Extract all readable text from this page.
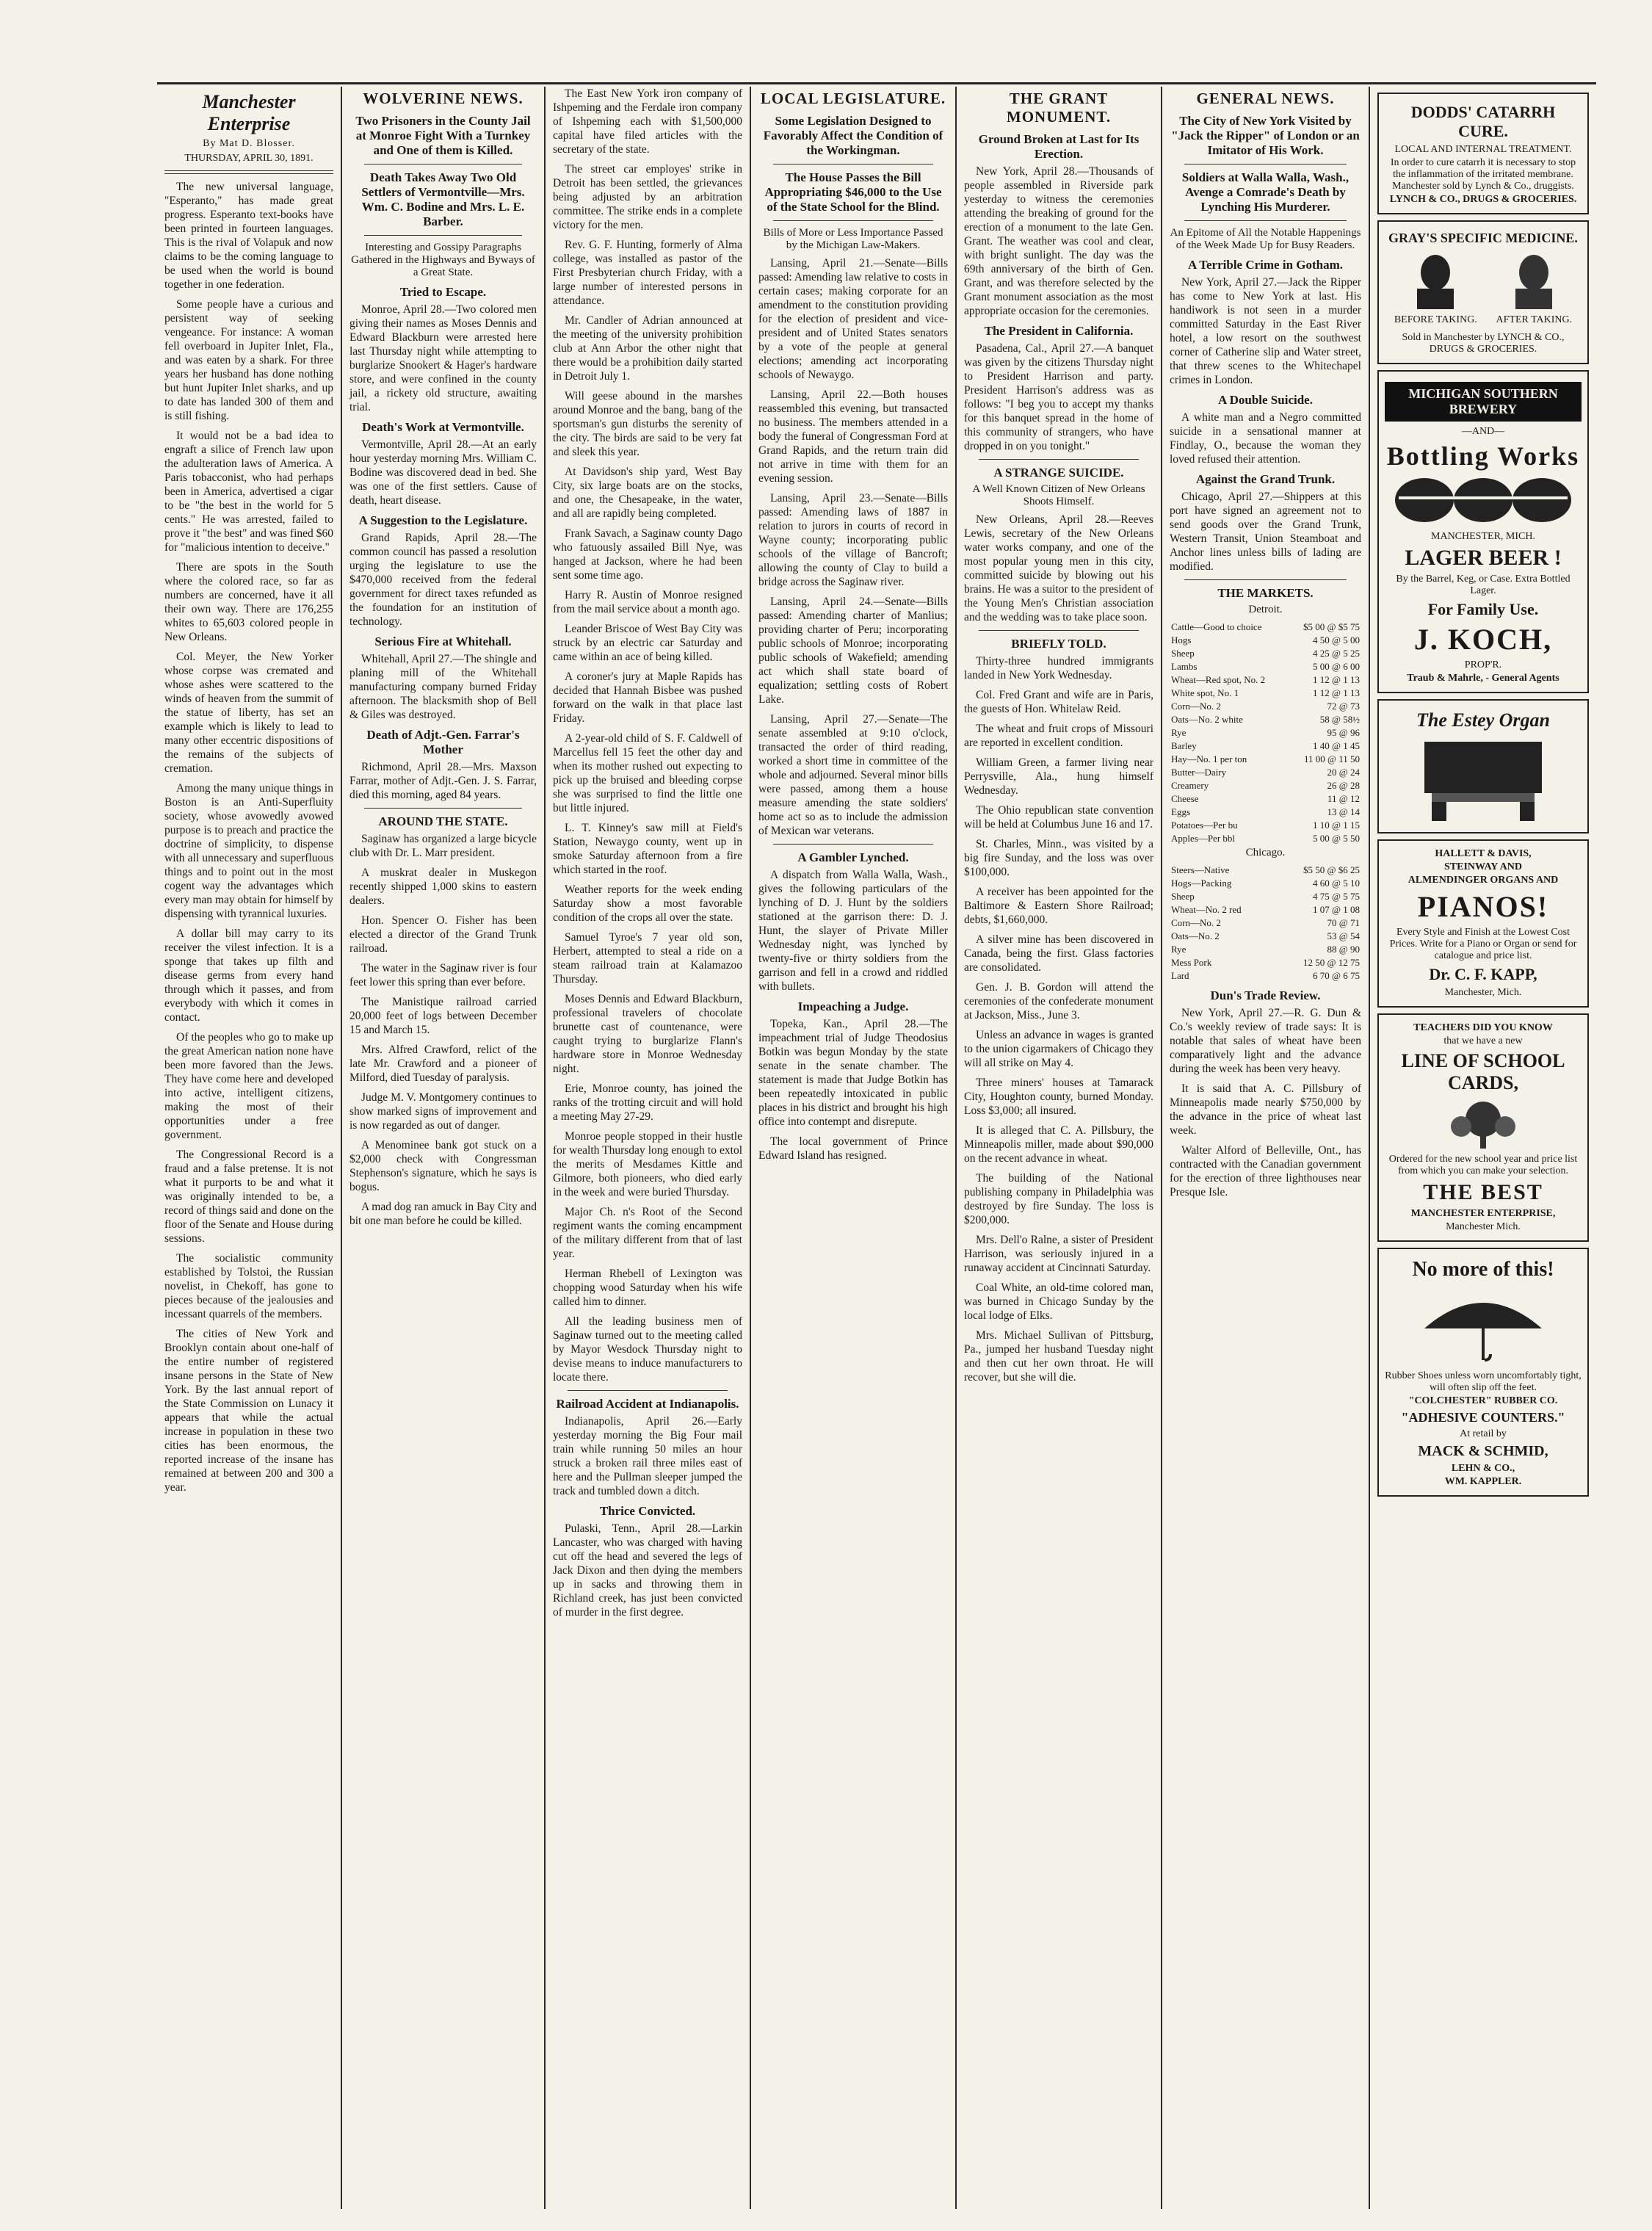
Manchester Enterprise
By Mat D. Blosser.
THURSDAY, APRIL 30, 1891.

The new universal language, "Esperanto," has made great progress. Esperanto text-books have been printed in fourteen languages. This is the rival of Volapuk and now claims to be the coming language to be used when the world is bound together in one federation.

Some people have a curious and persistent way of seeking vengeance. For instance: A woman fell overboard in Jupiter Inlet, Fla., and was eaten by a shark. For three years her husband has done nothing but hunt Jupiter Inlet sharks, and up to date has landed 300 of them and is still fishing.

It would not be a bad idea to engraft a silice of French law upon the adulteration laws of America. A Paris tobacconist, who had perhaps been in America, advertised a cigar to be "the best in the world for 5 cents." He was arrested, failed to prove it "the best" and was fined $60 for "malicious intention to deceive."

There are spots in the South where the colored race, so far as numbers are concerned, have it all their own way. There are 176,255 whites to 65,603 colored people in New Orleans.

Col. Meyer, the New Yorker whose corpse was cremated and whose ashes were scattered to the winds of heaven from the summit of the statue of liberty, has set an example which is likely to lead to many other eccentric dispositions of the remains of the subjects of cremation.

Among the many unique things in Boston is an Anti-Superfluity society, whose avowedly avowed purpose is to preach and practice the doctrine of simplicity, to dispense with all unnecessary and superfluous things and to point out in the most cogent way the advantages which every man may obtain for himself by dispensing with tyrannical luxuries.

A dollar bill may carry to its receiver the vilest infection. It is a sponge that takes up filth and disease germs from every hand through which it passes, and from everybody with which it comes in contact.

Of the peoples who go to make up the great American nation none have been more favored than the Jews. They have come here and developed into active, intelligent citizens, making the most of their opportunities under a free government.

The Congressional Record is a fraud and a false pretense. It is not what it purports to be and what it was originally intended to be, a record of things said and done on the floor of the Senate and House during sessions.

The socialistic community established by Tolstoi, the Russian novelist, in Chekoff, has gone to pieces because of the jealousies and incessant quarrels of the members.

The cities of New York and Brooklyn contain about one-half of the entire number of registered insane persons in the State of New York. By the last annual report of the State Commission on Lunacy it appears that while the actual increase in population in these two cities has been enormous, the reported increase of the insane has remained at between 200 and 300 a year.

WOLVERINE NEWS.
Two Prisoners in the County Jail at Monroe Fight With a Turnkey and One of them is Killed.
Death Takes Away Two Old Settlers of Vermontville—Mrs. Wm. C. Bodine and Mrs. L. E. Barber.
Interesting and Gossipy Paragraphs Gathered in the Highways and Byways of a Great State.
Tried to Escape.

Monroe, April 28.—Two colored men giving their names as Moses Dennis and Edward Blackburn were arrested here last Thursday night while attempting to burglarize Snookert & Hager's hardware store, and were confined in the county jail, a rickety old structure, awaiting trial.

Death's Work at Vermontville.

Vermontville, April 28.—At an early hour yesterday morning Mrs. William C. Bodine was discovered dead in bed. She was one of the first settlers. Cause of death, heart disease.

A Suggestion to the Legislature.

Grand Rapids, April 28.—The common council has passed a resolution urging the legislature to use the $470,000 received from the federal government for direct taxes refunded as the foundation for an institution of technology.

Serious Fire at Whitehall.

Whitehall, April 27.—The shingle and planing mill of the Whitehall manufacturing company burned Friday afternoon. The blacksmith shop of Bell & Giles was destroyed.

Death of Adjt.-Gen. Farrar's Mother

Richmond, April 28.—Mrs. Maxson Farrar, mother of Adjt.-Gen. J. S. Farrar, died this morning, aged 84 years.

AROUND THE STATE.

Saginaw has organized a large bicycle club with Dr. L. Marr president.

A muskrat dealer in Muskegon recently shipped 1,000 skins to eastern dealers.

Hon. Spencer O. Fisher has been elected a director of the Grand Trunk railroad.

The water in the Saginaw river is four feet lower this spring than ever before.

The Manistique railroad carried 20,000 feet of logs between December 15 and March 15.

Mrs. Alfred Crawford, relict of the late Mr. Crawford and a pioneer of Milford, died Tuesday of paralysis.

Judge M. V. Montgomery continues to show marked signs of improvement and is now regarded as out of danger.

A Menominee bank got stuck on a $2,000 check with Congressman Stephenson's signature, which he says is bogus.

A mad dog ran amuck in Bay City and bit one man before he could be killed.

The East New York iron company of Ishpeming and the Ferdale iron company of Ishpeming each with $1,500,000 capital have filed articles with the secretary of the state.

The street car employes' strike in Detroit has been settled, the grievances being adjusted by an arbitration committee. The strike ends in a complete victory for the men.

Rev. G. F. Hunting, formerly of Alma college, was installed as pastor of the First Presbyterian church Friday, with a large number of interested persons in attendance.

Mr. Candler of Adrian announced at the meeting of the university prohibition club at Ann Arbor the other night that there would be a prohibition daily started in Detroit July 1.

Will geese abound in the marshes around Monroe and the bang, bang of the sportsman's gun disturbs the serenity of the city. The birds are said to be very fat and sleek this year.

At Davidson's ship yard, West Bay City, six large boats are on the stocks, and one, the Chesapeake, in the water, and all are rapidly being completed.

Frank Savach, a Saginaw county Dago who fatuously assailed Bill Nye, was hanged at Jackson, where he had been sent some time ago.

Harry R. Austin of Monroe resigned from the mail service about a month ago.

Leander Briscoe of West Bay City was struck by an electric car Saturday and came within an ace of being killed.

A coroner's jury at Maple Rapids has decided that Hannah Bisbee was pushed forward on the walk in that place last Friday.

A 2-year-old child of S. F. Caldwell of Marcellus fell 15 feet the other day and when its mother rushed out expecting to pick up the bruised and bleeding corpse she was surprised to find the little one but little injured.

L. T. Kinney's saw mill at Field's Station, Newaygo county, went up in smoke Saturday afternoon from a fire which started in the roof.

Weather reports for the week ending Saturday show a most favorable condition of the crops all over the state.

Samuel Tyroe's 7 year old son, Herbert, attempted to steal a ride on a steam railroad train at Kalamazoo Thursday.

Moses Dennis and Edward Blackburn, professional travelers of chocolate brunette cast of countenance, were caught trying to burglarize Flann's hardware store in Monroe Wednesday night.

Erie, Monroe county, has joined the ranks of the trotting circuit and will hold a meeting May 27-29.

Monroe people stopped in their hustle for wealth Thursday long enough to extol the merits of Mesdames Kittle and Gilmore, both pioneers, who died early in the week and were buried Thursday.

Major Ch. n's Root of the Second regiment wants the coming encampment of the military different from that of last year.

Herman Rhebell of Lexington was chopping wood Saturday when his wife called him to dinner.

All the leading business men of Saginaw turned out to the meeting called by Mayor Wesdock Thursday night to devise means to induce manufacturers to locate there.

Railroad Accident at Indianapolis.

Indianapolis, April 26.—Early yesterday morning the Big Four mail train while running 50 miles an hour struck a broken rail three miles east of here and the Pullman sleeper jumped the track and tumbled down a ditch.

Thrice Convicted.

Pulaski, Tenn., April 28.—Larkin Lancaster, who was charged with having cut off the head and severed the legs of Jack Dixon and then dying the members up in sacks and throwing them in Richland creek, has just been convicted of murder in the first degree.

LOCAL LEGISLATURE.
Some Legislation Designed to Favorably Affect the Condition of the Workingman.
The House Passes the Bill Appropriating $46,000 to the Use of the State School for the Blind.
Bills of More or Less Importance Passed by the Michigan Law-Makers.

Lansing, April 21.—Senate—Bills passed: Amending law relative to costs in certain cases; making corporate for an amendment to the constitution providing for the election of president and vice-president and of United States senators by a vote of the people at general elections; amending act incorporating schools of Newaygo.

Lansing, April 22.—Both houses reassembled this evening, but transacted no business. The members attended in a body the funeral of Congressman Ford at Grand Rapids, and the return train did not arrive in time with them for an evening session.

Lansing, April 23.—Senate—Bills passed: Amending laws of 1887 in relation to jurors in courts of record in Wayne county; incorporating public schools of the village of Bancroft; allowing the county of Clay to build a bridge across the Saginaw river.

Lansing, April 24.—Senate—Bills passed: Amending charter of Manlius; providing charter of Peru; incorporating public schools of Monroe; incorporating public schools of Wakefield; amending act which shall state board of equalization; settling costs of Robert Lake.

Lansing, April 27.—Senate—The senate assembled at 9:10 o'clock, transacted the order of third reading, worked a short time in committee of the whole and adjourned. Several minor bills were passed, among them a house measure amending the state soldiers' home act so as to include the admission of Mexican war veterans.

A Gambler Lynched.

A dispatch from Walla Walla, Wash., gives the following particulars of the lynching of D. J. Hunt by the soldiers stationed at the garrison there: D. J. Hunt, the slayer of Private Miller Wednesday night, was lynched by twenty-five or thirty soldiers from the garrison and fell in a crowd and riddled with bullets.

Impeaching a Judge.

Topeka, Kan., April 28.—The impeachment trial of Judge Theodosius Botkin was begun Monday by the state senate in the senate chamber. The statement is made that Judge Botkin has been repeatedly intoxicated in public places in his district and brought his high office into contempt and disrepute.

The local government of Prince Edward Island has resigned.

THE GRANT MONUMENT.
Ground Broken at Last for Its Erection.

New York, April 28.—Thousands of people assembled in Riverside park yesterday to witness the ceremonies attending the breaking of ground for the erection of a monument to the late Gen. Grant. The weather was cool and clear, with bright sunlight. The day was the 69th anniversary of the birth of Gen. Grant, and was therefore selected by the Grant monument association as the most appropriate occasion for the ceremonies.

The President in California.

Pasadena, Cal., April 27.—A banquet was given by the citizens Thursday night to President Harrison and party. President Harrison's address was as follows: "I beg you to accept my thanks for this banquet spread in the home of this community of strangers, who have dropped in on you tonight."

A STRANGE SUICIDE.
A Well Known Citizen of New Orleans Shoots Himself.

New Orleans, April 28.—Reeves Lewis, secretary of the New Orleans water works company, and one of the most popular young men in this city, committed suicide by blowing out his brains. He was a suitor to the president of the Young Men's Christian association and the wedding was to take place soon.

BRIEFLY TOLD.

Thirty-three hundred immigrants landed in New York Wednesday.

Col. Fred Grant and wife are in Paris, the guests of Hon. Whitelaw Reid.

The wheat and fruit crops of Missouri are reported in excellent condition.

William Green, a farmer living near Perrysville, Ala., hung himself Wednesday.

The Ohio republican state convention will be held at Columbus June 16 and 17.

St. Charles, Minn., was visited by a big fire Sunday, and the loss was over $100,000.

A receiver has been appointed for the Baltimore & Eastern Shore Railroad; debts, $1,660,000.

A silver mine has been discovered in Canada, being the first. Glass factories are consolidated.

Gen. J. B. Gordon will attend the ceremonies of the confederate monument at Jackson, Miss., June 3.

Unless an advance in wages is granted to the union cigarmakers of Chicago they will all strike on May 4.

Three miners' houses at Tamarack City, Houghton county, burned Monday. Loss $3,000; all insured.

It is alleged that C. A. Pillsbury, the Minneapolis miller, made about $90,000 on the recent advance in wheat.

The building of the National publishing company in Philadelphia was destroyed by fire Sunday. The loss is $200,000.

Mrs. Dell'o Ralne, a sister of President Harrison, was seriously injured in a runaway accident at Cincinnati Saturday.

Coal White, an old-time colored man, was burned in Chicago Sunday by the local lodge of Elks.

Mrs. Michael Sullivan of Pittsburg, Pa., jumped her husband Tuesday night and then cut her own throat. He will recover, but she will die.

GENERAL NEWS.
The City of New York Visited by "Jack the Ripper" of London or an Imitator of His Work.
Soldiers at Walla Walla, Wash., Avenge a Comrade's Death by Lynching His Murderer.
An Epitome of All the Notable Happenings of the Week Made Up for Busy Readers.
A Terrible Crime in Gotham.

New York, April 27.—Jack the Ripper has come to New York at last. His handiwork is not seen in a murder committed Saturday in the East River hotel, a low resort on the southwest corner of Catherine slip and Water street, that threw scenes to the Whitechapel crimes in London.

A Double Suicide.

A white man and a Negro committed suicide in a sensational manner at Findlay, O., because the woman they loved refused their attention.

Against the Grand Trunk.

Chicago, April 27.—Shippers at this port have signed an agreement not to send goods over the Grand Trunk, Western Transit, Union Steamboat and Anchor lines unless bills of lading are modified.

THE MARKETS.
Detroit.
Cattle—Good to choice	$5 00 @ $5 75
Hogs	4 50 @ 5 00
Sheep	4 25 @ 5 25
Lambs	5 00 @ 6 00
Wheat—Red spot, No. 2	1 12 @ 1 13
White spot, No. 1	1 12 @ 1 13
Corn—No. 2	72 @ 73
Oats—No. 2 white	58 @ 58½
Rye	95 @ 96
Barley	1 40 @ 1 45
Hay—No. 1 per ton	11 00 @ 11 50
Butter—Dairy	20 @ 24
Creamery	26 @ 28
Cheese	11 @ 12
Eggs	13 @ 14
Potatoes—Per bu	1 10 @ 1 15
Apples—Per bbl	5 00 @ 5 50
Chicago.
Steers—Native	$5 50 @ $6 25
Hogs—Packing	4 60 @ 5 10
Sheep	4 75 @ 5 75
Wheat—No. 2 red	1 07 @ 1 08
Corn—No. 2	70 @ 71
Oats—No. 2	53 @ 54
Rye	88 @ 90
Mess Pork	12 50 @ 12 75
Lard	6 70 @ 6 75
Dun's Trade Review.

New York, April 27.—R. G. Dun & Co.'s weekly review of trade says: It is notable that sales of wheat have been comparatively light and the advance during the week has been very heavy.

It is said that A. C. Pillsbury of Minneapolis made nearly $750,000 by the advance in the price of wheat last week.

Walter Alford of Belleville, Ont., has contracted with the Canadian government for the erection of three lighthouses near Presque Isle.

DODDS' CATARRH CURE.
LOCAL AND INTERNAL TREATMENT.
In order to cure catarrh it is necessary to stop the inflammation of the irritated membrane. Manchester sold by Lynch & Co., druggists.
LYNCH & CO., DRUGS & GROCERIES.
GRAY'S SPECIFIC MEDICINE.
BEFORE TAKING. AFTER TAKING.
Sold in Manchester by LYNCH & CO., DRUGS & GROCERIES.
MICHIGAN SOUTHERN BREWERY
—AND—
Bottling Works
MANCHESTER, MICH.
LAGER BEER !
By the Barrel, Keg, or Case. Extra Bottled Lager.
For Family Use.
J. KOCH,
PROP'R.
Traub & Mahrle, - General Agents
The Estey Organ
HALLETT & DAVIS,
STEINWAY AND
ALMENDINGER ORGANS AND
PIANOS!
Every Style and Finish at the Lowest Cost Prices. Write for a Piano or Organ or send for catalogue and price list.
Dr. C. F. KAPP,
Manchester, Mich.
TEACHERS DID YOU KNOW
that we have a new
LINE OF SCHOOL CARDS,
Ordered for the new school year and price list from which you can make your selection.
THE BEST
MANCHESTER ENTERPRISE,
Manchester Mich.
No more of this!
Rubber Shoes unless worn uncomfortably tight, will often slip off the feet.
"COLCHESTER" RUBBER CO.
"ADHESIVE COUNTERS."
At retail by
MACK & SCHMID,
LEHN & CO.,
WM. KAPPLER.
